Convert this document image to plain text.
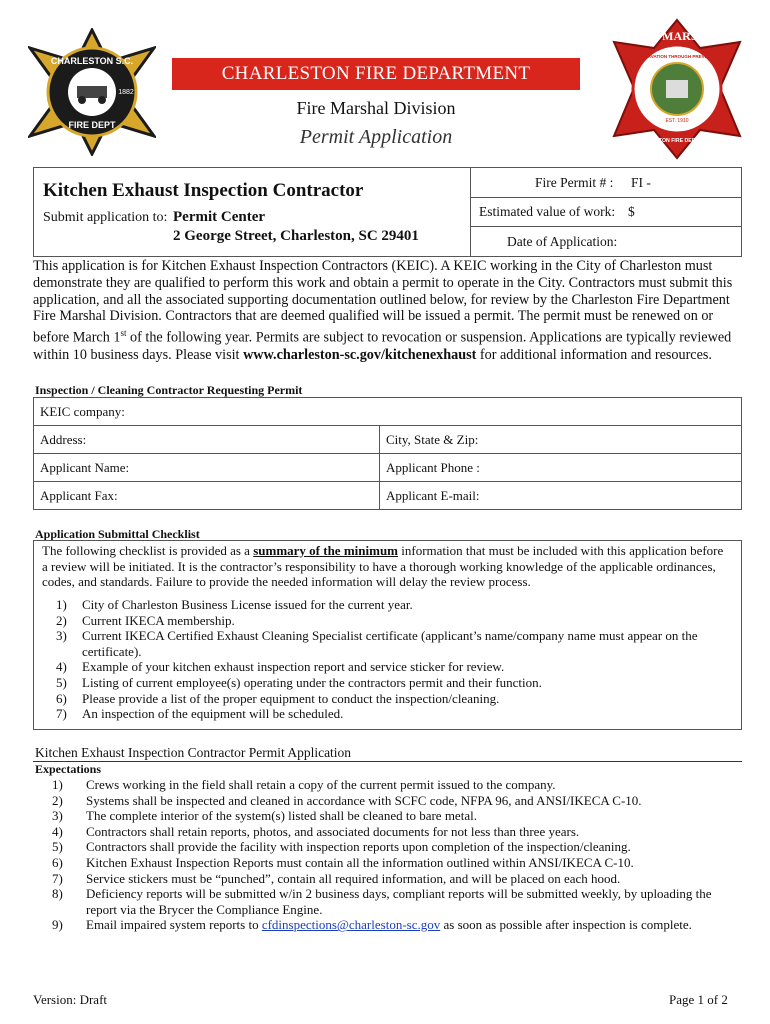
CHARLESTON S.C.
FIRE DEPT
1882
CHARLESTON FIRE DEPARTMENT
Fire Marshal Division
Permit Application
FIRE MARSHAL
PRESERVATION THROUGH PREVENTION
EST. 1910
CHARLESTON FIRE DEPARTMENT
Kitchen Exhaust Inspection Contractor
Submit application to: Permit Center
2 George Street, Charleston, SC 29401
Fire Permit # : FI -
Estimated value of work: $
Date of Application:
This application is for Kitchen Exhaust Inspection Contractors (KEIC). A KEIC working in the City of Charleston must demonstrate they are qualified to perform this work and obtain a permit to operate in the City. Contractors must submit this application, and all the associated supporting documentation outlined below, for review by the Charleston Fire Department Fire Marshal Division. Contractors that are deemed qualified will be issued a permit. The permit must be renewed on or before March 1st of the following year. Permits are subject to revocation or suspension. Applications are typically reviewed within 10 business days. Please visit www.charleston-sc.gov/kitchenexhaust for additional information and resources.
Inspection / Cleaning Contractor Requesting Permit
KEIC company:	
Address:	City, State & Zip:
Applicant Name:	Applicant Phone :
Applicant Fax:	Applicant E-mail:
Application Submittal Checklist
The following checklist is provided as a summary of the minimum information that must be included with this application before a review will be initiated. It is the contractor’s responsibility to have a thorough working knowledge of the applicable ordinances, codes, and standards. Failure to provide the needed information will delay the review process.
1) City of Charleston Business License issued for the current year.
2) Current IKECA membership.
3) Current IKECA Certified Exhaust Cleaning Specialist certificate (applicant’s name/company name must appear on the certificate).
4) Example of your kitchen exhaust inspection report and service sticker for review.
5) Listing of current employee(s) operating under the contractors permit and their function.
6) Please provide a list of the proper equipment to conduct the inspection/cleaning.
7) An inspection of the equipment will be scheduled.
Kitchen Exhaust Inspection Contractor Permit Application
Expectations
1) Crews working in the field shall retain a copy of the current permit issued to the company.
2) Systems shall be inspected and cleaned in accordance with SCFC code, NFPA 96, and ANSI/IKECA C-10.
3) The complete interior of the system(s) listed shall be cleaned to bare metal.
4) Contractors shall retain reports, photos, and associated documents for not less than three years.
5) Contractors shall provide the facility with inspection reports upon completion of the inspection/cleaning.
6) Kitchen Exhaust Inspection Reports must contain all the information outlined within ANSI/IKECA C-10.
7) Service stickers must be “punched”, contain all required information, and will be placed on each hood.
8) Deficiency reports will be submitted w/in 2 business days, compliant reports will be submitted weekly, by uploading the report via the Brycer the Compliance Engine.
9) Email impaired system reports to cfdinspections@charleston-sc.gov as soon as possible after inspection is complete.
Version: Draft	Page 1 of 2
